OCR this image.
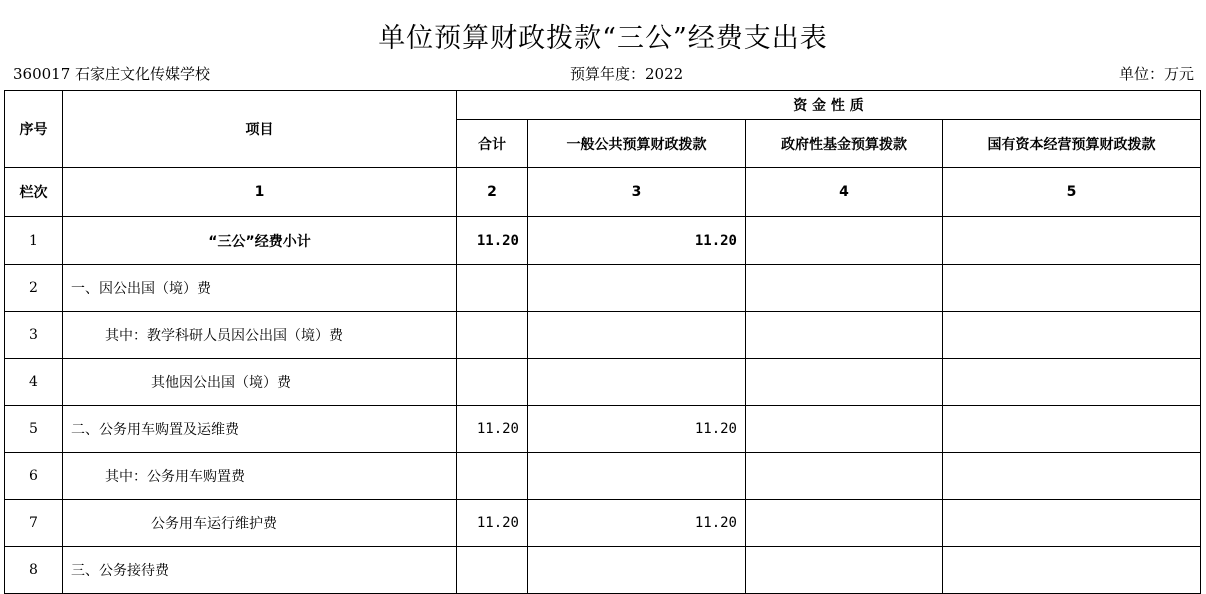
单位预算财政拨款“三公”经费支出表
360017 石家庄文化传媒学校	预算年度：2022	单位：万元
序号	项目	资 金 性 质			
		合计	一般公共预算财政拨款	政府性基金预算拨款	国有资本经营预算财政拨款
栏次	1	2	3	4	5
1	“三公”经费小计	11.20	11.20		
2	一、因公出国（境）费				
3	其中：教学科研人员因公出国（境）费				
4	其他因公出国（境）费				
5	二、公务用车购置及运维费	11.20	11.20		
6	其中：公务用车购置费				
7	公务用车运行维护费	11.20	11.20		
8	三、公务接待费				
